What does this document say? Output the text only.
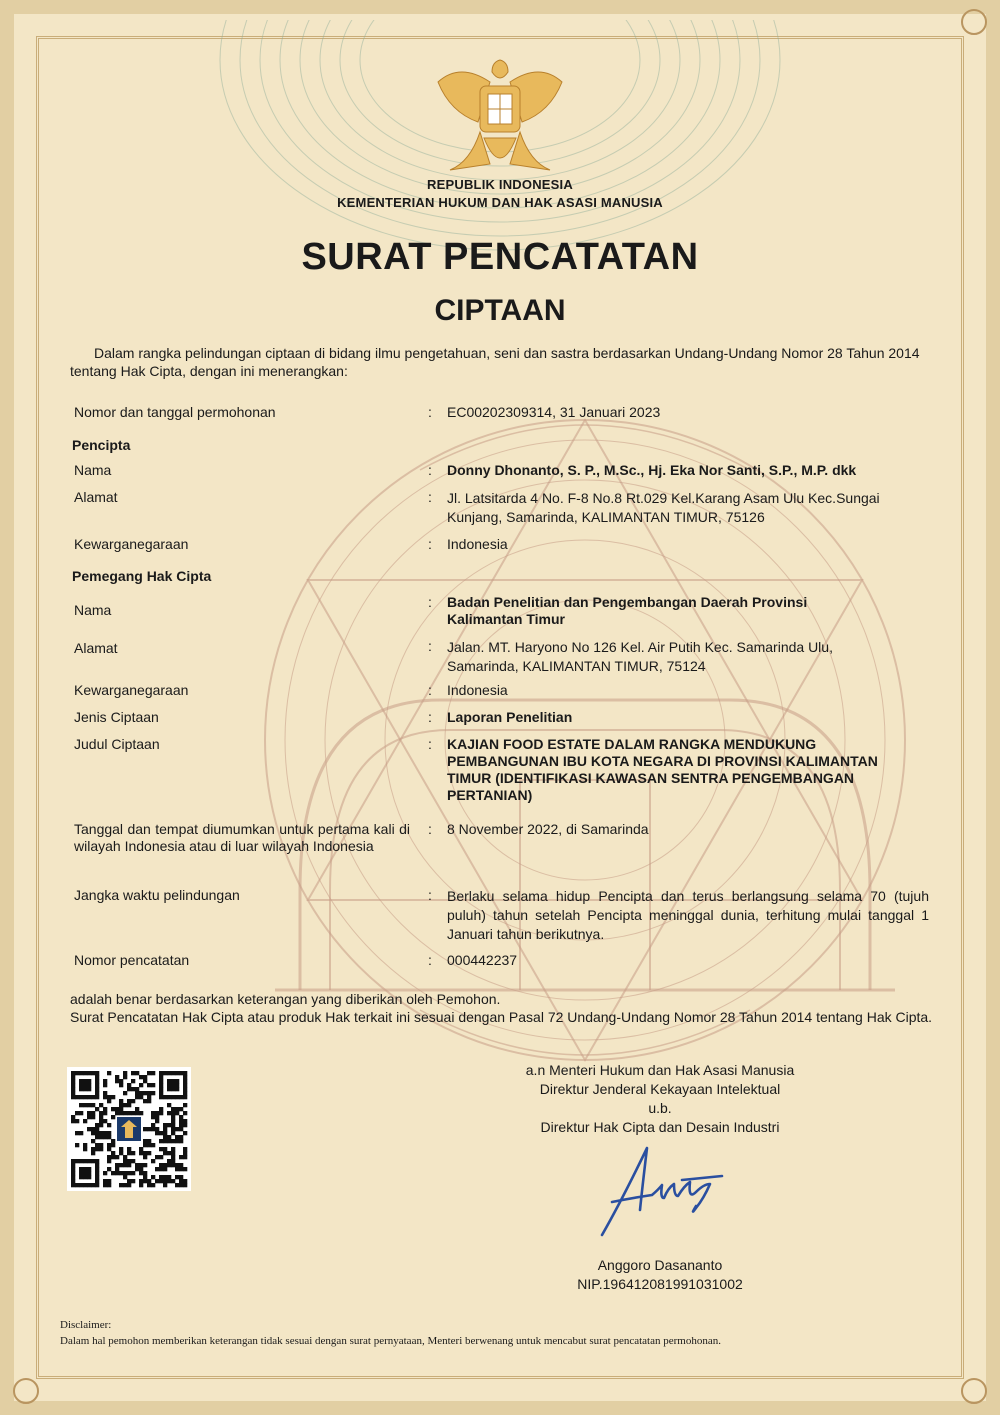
REPUBLIK INDONESIA
KEMENTERIAN HUKUM DAN HAK ASASI MANUSIA
SURAT PENCATATAN
CIPTAAN
Dalam rangka pelindungan ciptaan di bidang ilmu pengetahuan, seni dan sastra berdasarkan Undang-Undang Nomor 28 Tahun 2014 tentang Hak Cipta, dengan ini menerangkan:
Nomor dan tanggal permohonan	: EC00202309314, 31 Januari 2023
Pencipta
Nama	: Donny Dhonanto, S. P., M.Sc., Hj. Eka Nor Santi, S.P., M.P. dkk
Alamat	: Jl. Latsitarda 4 No. F-8 No.8 Rt.029 Kel.Karang Asam Ulu Kec.Sungai Kunjang, Samarinda, KALIMANTAN TIMUR, 75126
Kewarganegaraan	: Indonesia
Pemegang Hak Cipta
Nama	: Badan Penelitian dan Pengembangan Daerah Provinsi Kalimantan Timur
Alamat	: Jalan. MT. Haryono No 126 Kel. Air Putih Kec. Samarinda Ulu, Samarinda, KALIMANTAN TIMUR, 75124
Kewarganegaraan	: Indonesia
Jenis Ciptaan	: Laporan Penelitian
Judul Ciptaan	: KAJIAN FOOD ESTATE DALAM RANGKA MENDUKUNG PEMBANGUNAN IBU KOTA NEGARA DI PROVINSI KALIMANTAN TIMUR (IDENTIFIKASI KAWASAN SENTRA PENGEMBANGAN PERTANIAN)
Tanggal dan tempat diumumkan untuk pertama kali di wilayah Indonesia atau di luar wilayah Indonesia
: 8 November 2022, di Samarinda
Jangka waktu pelindungan	: Berlaku selama hidup Pencipta dan terus berlangsung selama 70 (tujuh puluh) tahun setelah Pencipta meninggal dunia, terhitung mulai tanggal 1 Januari tahun berikutnya.
Nomor pencatatan	: 000442237
adalah benar berdasarkan keterangan yang diberikan oleh Pemohon.
Surat Pencatatan Hak Cipta atau produk Hak terkait ini sesuai dengan Pasal 72 Undang-Undang Nomor 28 Tahun 2014 tentang Hak Cipta.
a.n Menteri Hukum dan Hak Asasi Manusia
Direktur Jenderal Kekayaan Intelektual
u.b.
Direktur Hak Cipta dan Desain Industri
Anggoro Dasananto
NIP.196412081991031002
Disclaimer:
Dalam hal pemohon memberikan keterangan tidak sesuai dengan surat pernyataan, Menteri berwenang untuk mencabut surat pencatatan permohonan.
